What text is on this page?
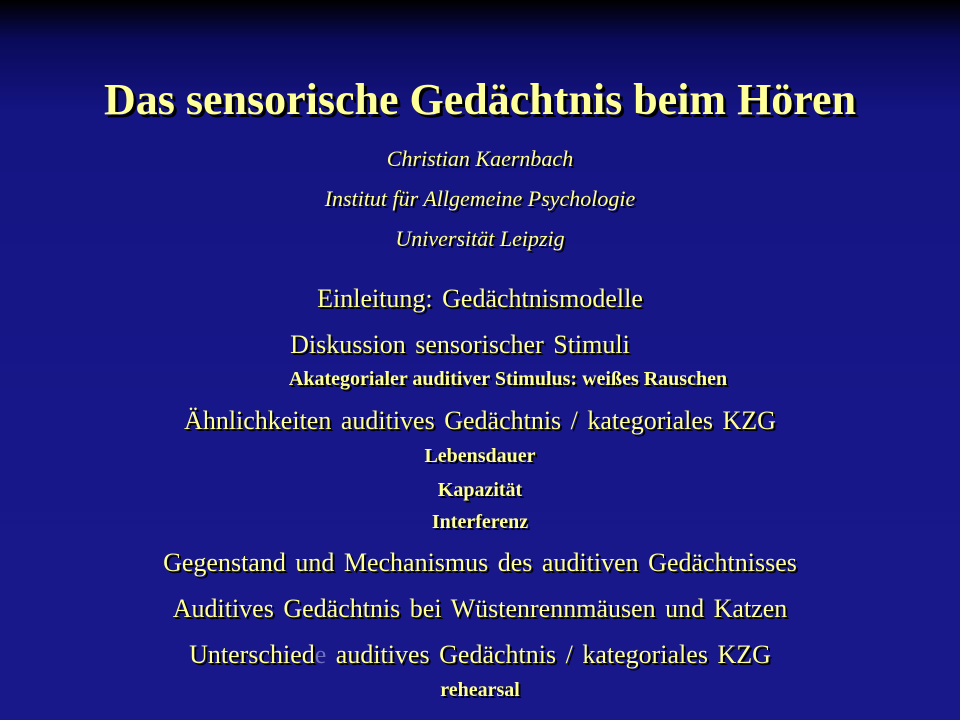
Das sensorische Gedächtnis beim Hören
Christian Kaernbach
Institut für Allgemeine Psychologie
Universität Leipzig
Einleitung: Gedächtnismodelle
Diskussion sensorischer Stimuli
Akategorialer auditiver Stimulus: weißes Rauschen
Ähnlichkeiten auditives Gedächtnis / kategoriales KZG
Lebensdauer
Kapazität
Interferenz
Gegenstand und Mechanismus des auditiven Gedächtnisses
Auditives Gedächtnis bei Wüstenrennmäusen und Katzen
Unterschiede auditives Gedächtnis / kategoriales KZG
rehearsal
